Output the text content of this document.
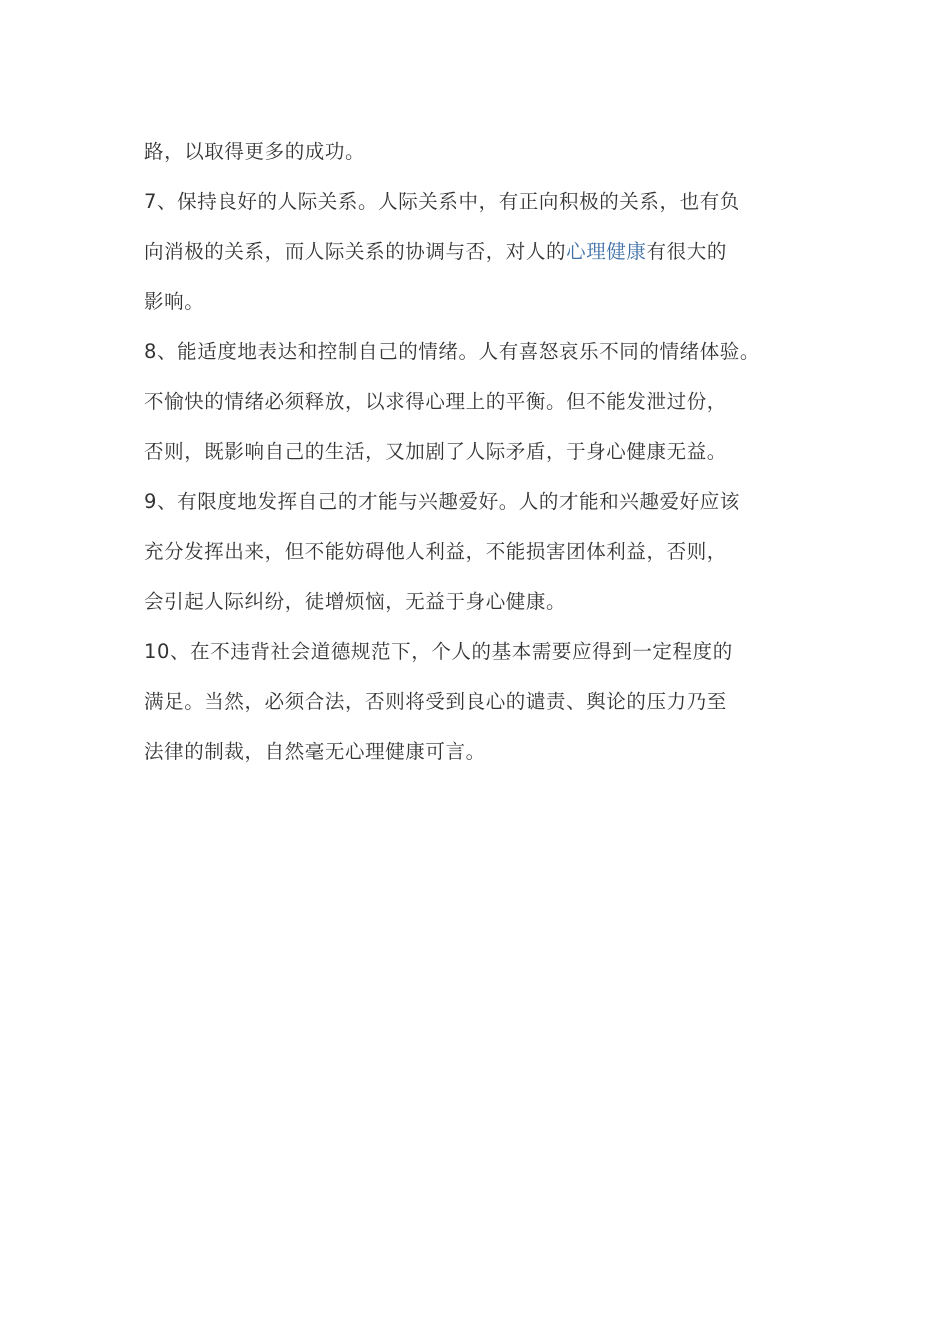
路，以取得更多的成功。
7、保持良好的人际关系。人际关系中，有正向积极的关系，也有负
向消极的关系，而人际关系的协调与否，对人的心理健康有很大的
影响。
8、能适度地表达和控制自己的情绪。人有喜怒哀乐不同的情绪体验。
不愉快的情绪必须释放，以求得心理上的平衡。但不能发泄过份，
否则，既影响自己的生活，又加剧了人际矛盾，于身心健康无益。
9、有限度地发挥自己的才能与兴趣爱好。人的才能和兴趣爱好应该
充分发挥出来，但不能妨碍他人利益，不能损害团体利益，否则，
会引起人际纠纷，徒增烦恼，无益于身心健康。
10、在不违背社会道德规范下，个人的基本需要应得到一定程度的
满足。当然，必须合法，否则将受到良心的谴责、舆论的压力乃至
法律的制裁，自然毫无心理健康可言。
